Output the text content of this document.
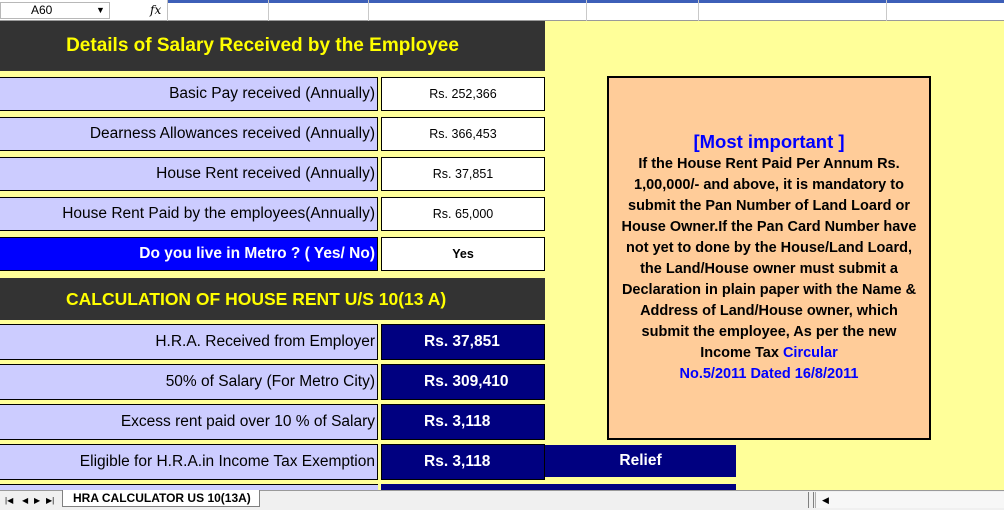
A60	▼	fx
Details of Salary Received by the Employee
Basic Pay received (Annually)	Rs. 252,366
Dearness Allowances received (Annually)	Rs. 366,453
House Rent received (Annually)	Rs. 37,851
House Rent Paid by the employees(Annually)	Rs. 65,000
Do you live in Metro ? ( Yes/ No)	Yes
CALCULATION OF HOUSE RENT U/S 10(13 A)
H.R.A. Received from Employer	Rs. 37,851
50% of Salary (For Metro City)	Rs. 309,410
Excess rent paid over 10 % of Salary	Rs. 3,118
Eligible for H.R.A.in Income Tax Exemption	Rs. 3,118	Relief
[Most important ]
If the House Rent Paid Per Annum Rs. 1,00,000/- and above, it is mandatory to submit the Pan Number of Land Loard or House Owner.If the Pan Card Number have not yet to done by the House/Land Loard, the Land/House owner must submit a Declaration in plain paper with the Name & Address of Land/House owner, which submit the employee, As per the new Income Tax Circular
No.5/2011 Dated 16/8/2011
|◀ ◀ ▶ ▶|	HRA CALCULATOR US 10(13A)	◀
